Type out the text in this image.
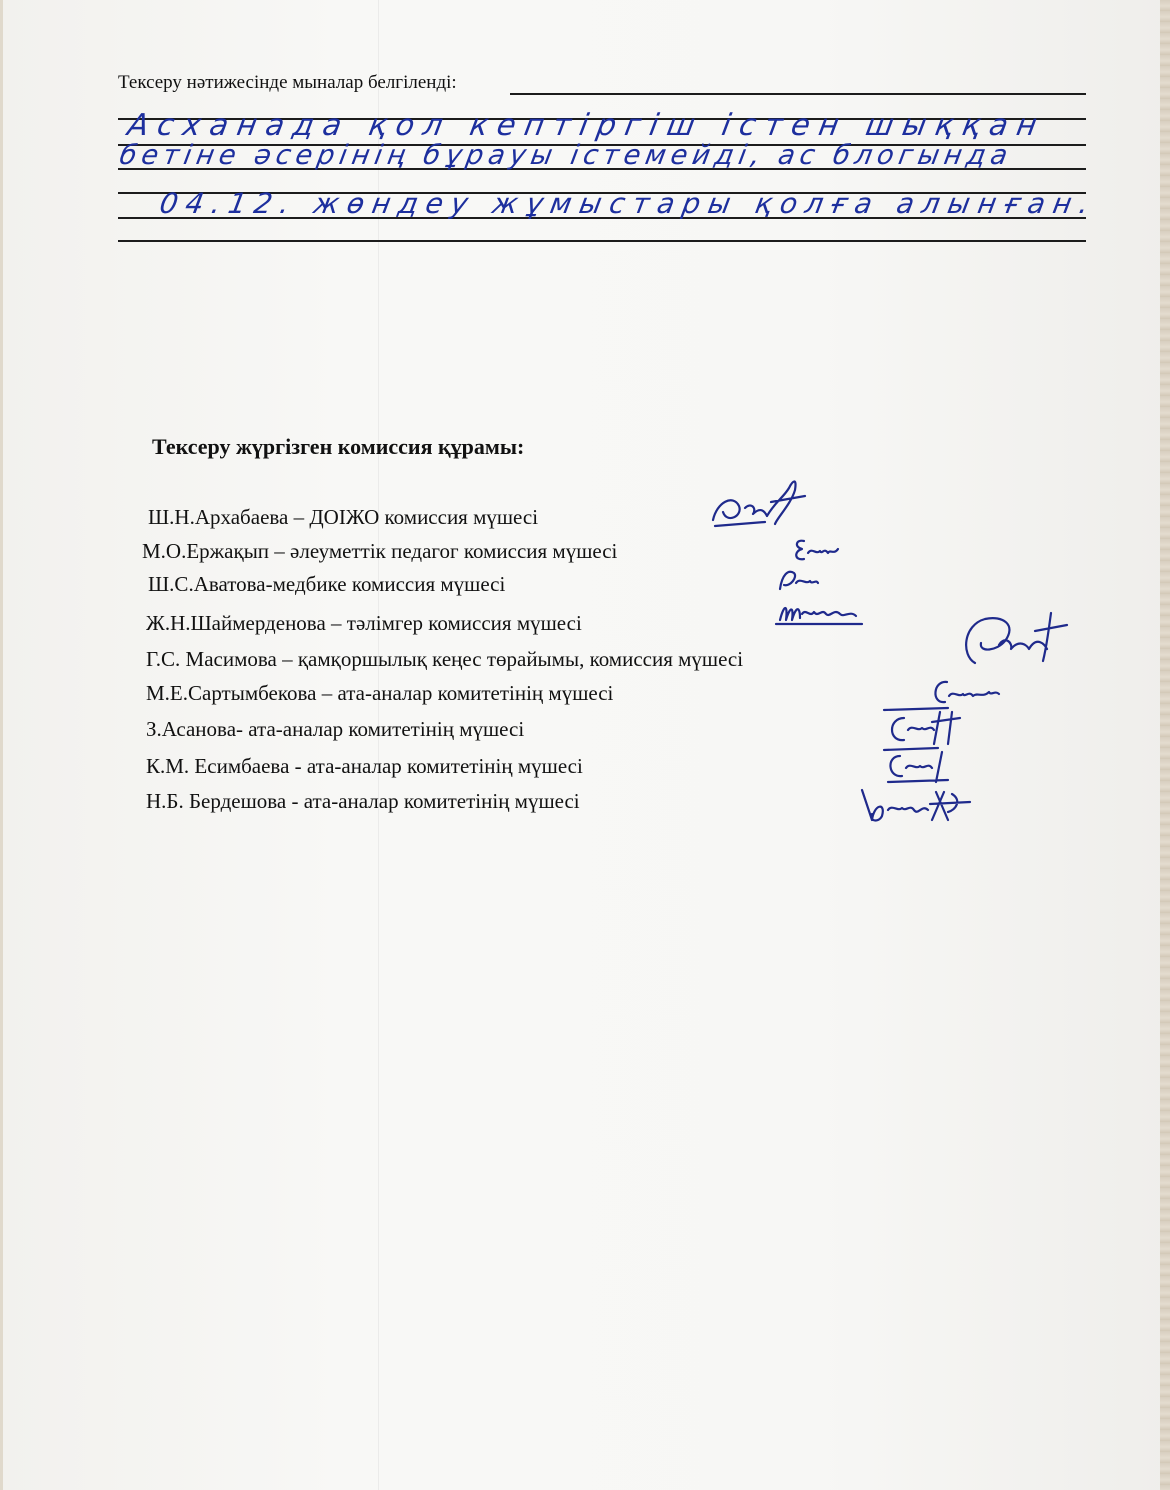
Тексеру нәтижесінде мыналар белгіленді:
Асханада қол кептіргіш істен шыққан
бетіне әсерінің бұрауы істемейді, ас блогында
04.12. жөндеу жұмыстары қолға алынған.
Тексеру жүргізген комиссия құрамы:
Ш.Н.Архабаева – ДОІЖО комиссия мүшесі
М.О.Ержақып – әлеуметтік педагог комиссия мүшесі
Ш.С.Аватова-медбике комиссия мүшесі
Ж.Н.Шаймерденова – тәлімгер комиссия мүшесі
Г.С. Масимова – қамқоршылық кеңес төрайымы, комиссия мүшесі
М.Е.Сартымбекова – ата-аналар комитетінің мүшесі
З.Асанова- ата-аналар комитетінің мүшесі
К.М. Есимбаева - ата-аналар комитетінің мүшесі
Н.Б. Бердешова - ата-аналар комитетінің мүшесі
